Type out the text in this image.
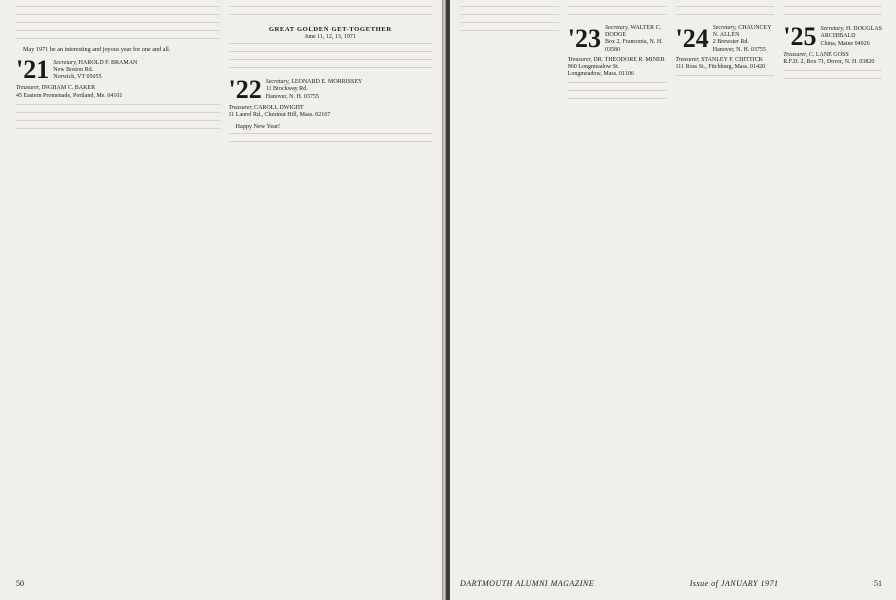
May 1971 be an interesting and joyous year for one and all.

'21 Secretary, HAROLD F. BRAMAN
New Boston Rd.
Norwich, VT 05055
Treasurer, INGHAM C. BAKER
45 Eastern Promenade, Portland, Me. 04101
GREAT GOLDEN GET-TOGETHER
June 11, 12, 13, 1971
'22 Secretary, LEONARD E. MORRISSEY
11 Brockway Rd.
Hanover, N. H. 03755
Treasurer, CAROLL DWIGHT
11 Laurel Rd., Chestnut Hill, Mass. 02167

Happy New Year!

50
'23 Secretary, WALTER C. DODGE
Box 2, Franconia, N. H. 03580
Treasurer, DR. THEODORE R. MINER
960 Longmeadow St.
Longmeadow, Mass. 01106
'24 Secretary, CHAUNCEY N. ALLEN
2 Brewster Rd.
Hanover, N. H. 03755
Treasurer, STANLEY F. CHITTICK
111 Ross St., Fitchburg, Mass. 01420
'25 Secretary, H. DOUGLAS ARCHIBALD
China, Maine 04926
Treasurer, C. LANE GOSS
R.F.D. 2, Box 71, Dover, N. H. 03820
DARTMOUTH ALUMNI MAGAZINE	Issue of JANUARY 1971	51
